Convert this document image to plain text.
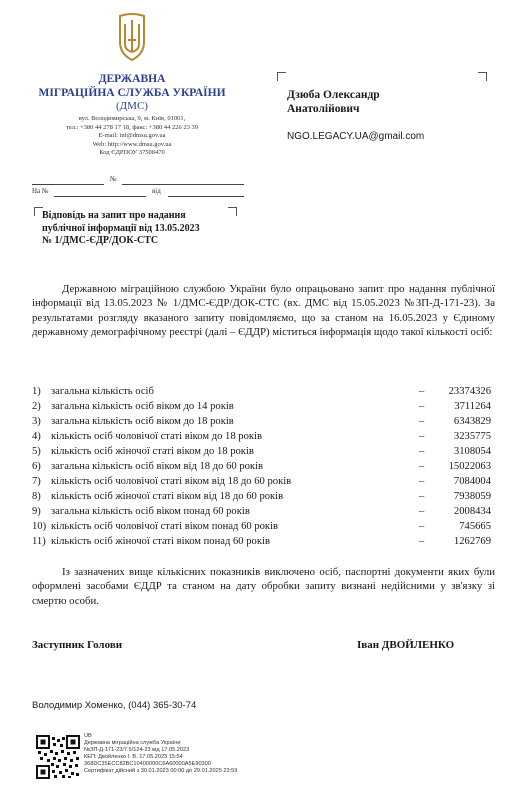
ДЕРЖАВНА
МІГРАЦІЙНА СЛУЖБА УКРАЇНИ
(ДМС)
вул. Володимирська, 9, м. Київ, 01001,
тел.: +380 44 278 17 18, факс: +380 44 226 23 39
E-mail: inf@dmsu.gov.ua
Web: http://www.dmsu.gov.ua
Код ЄДРПОУ 37508470
№
На №	від
Дзюба Олександр
Анатолійович
NGO.LEGACY.UA@gmail.com
Відповідь на запит про надання
публічної інформації від 13.05.2023
№ 1/ДМС-ЄДР/ДОК-СТС
Державною міграційною службою України було опрацьовано запит про надання публічної інформації від 13.05.2023 № 1/ДМС-ЄДР/ДОК-СТС (вх. ДМС від 15.05.2023 №ЗП-Д-171-23). За результатами розгляду вказаного запиту повідомляємо, що за станом на 16.05.2023 у Єдиному державному демографічному реєстрі (далі – ЄДДР) міститься інформація щодо такої кількості осіб:
1) загальна кількість осіб	– 23374326
2) загальна кількість осіб віком до 14 років	–	3711264
3) загальна кількість осіб віком до 18 років	–	6343829
4) кількість осіб чоловічої статі віком до 18 років	–	3235775
5) кількість осіб жіночої статі віком до 18 років	–	3108054
6) загальна кількість осіб віком від 18 до 60 років	– 15022063
7) кількість осіб чоловічої статі віком від 18 до 60 років	–	7084004
8) кількість осіб жіночої статі віком від 18 до 60 років	–	7938059
9) загальна кількість осіб віком понад 60 років	–	2008434
10) кількість осіб чоловічої статі віком понад 60 років	–	745665
11) кількість осіб жіночої статі віком понад 60 років	–	1262769
Із зазначених вище кількісних показників виключено осіб, паспортні документи яких були оформлені засобами ЄДДР та станом на дату обробки запиту визнані недійсними у зв'язку зі смертю особи.
Заступник Голови	Іван ДВОЙЛЕНКО
Володимир Хоменко, (044) 365-30-74
UB
Державна міграційна служба України
№ЗП-Д-171-23/7.5/124-23 від 17.05.2023
КЕП: Двойленко І. В. 17.05.2023 15:54
368DC35ECC82BC10400000C6A60000A5E90300
Сертифікат дійсний з 30.01.2023 00:00 до 29.01.2025 23:59
